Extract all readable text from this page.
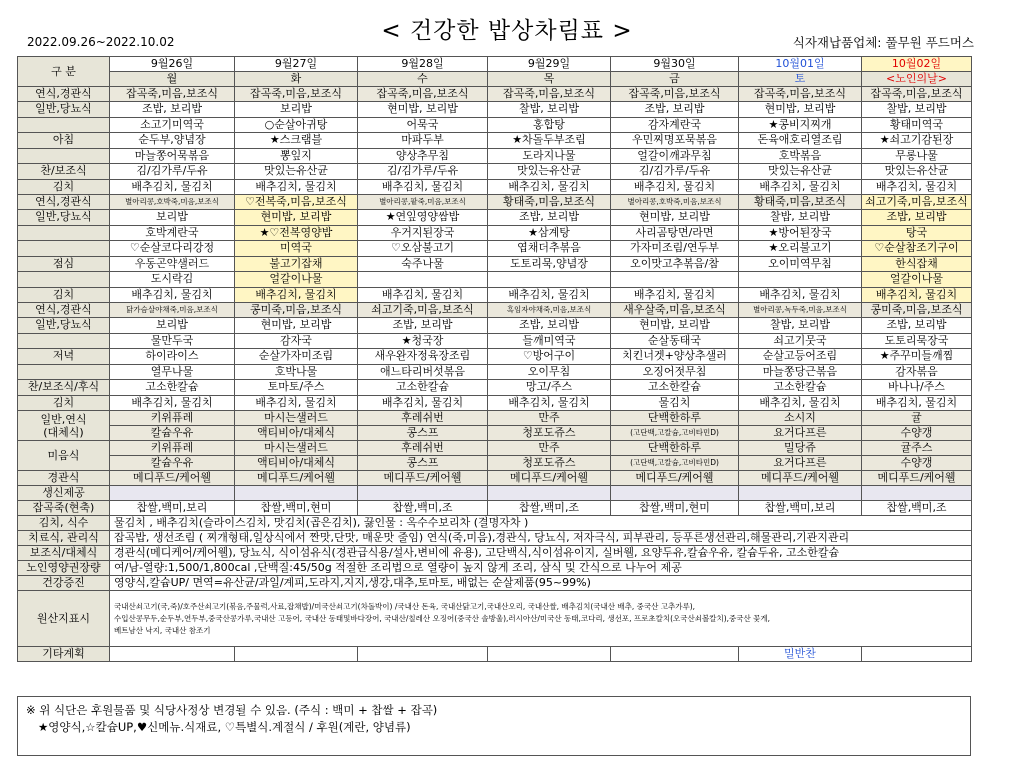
< 건강한 밥상차림표 >
2022.09.26~2022.10.02	식자재납품업체: 풀무원 푸드머스
구 분	9월26일	9월27일	9월28일	9월29일	9월30일	10월01일	10월02일
	월	화	수	목	금	토	<노인의날>
연식,경관식	잡곡죽,미음,보조식	잡곡죽,미음,보조식	잡곡죽,미음,보조식	잡곡죽,미음,보조식	잡곡죽,미음,보조식	잡곡죽,미음,보조식	잡곡죽,미음,보조식
일반,당뇨식	조밥, 보리밥	보리밥	현미밥, 보리밥	찰밥, 보리밥	조밥, 보리밥	현미밥, 보리밥	찰밥, 보리밥
	소고기미역국	○순살아귀탕	어묵국	홍합탕	감자계란국	★콩비지찌개	황태미역국
아침	순두부,양념장	★스크램블	마파두부	★차돌두부조림	우민찌명포묵볶음	돈육애호리열조림	★쇠고기감된장
	마늘쫑어묵볶음	뽕잎지	양상추무침	도라지나물	얼갈이깨과무침	호박볶음	무롱나물
찬/보조식	김/김가루/두유	맛있는유산균	김/김가루/두유	맛있는유산균	김/김가루/두유	맛있는유산균	맛있는유산균
김치	배추김치, 물김치	배추김치, 물김치	배추김치, 물김치	배추김치, 물김치	배추김치, 물김치	배추김치, 물김치	배추김치, 물김치
연식,경관식	별아리콩,호박죽,미음,보조식	♡전복죽,미음,보조식	별아리콩,팥죽,미음,보조식	황태죽,미음,보조식	별아리콩,호박죽,미음,보조식	황태죽,미음,보조식	쇠고기죽,미음,보조식
일반,당뇨식	보리밥	현미밥, 보리밥	★연잎영양쌈밥	조밥, 보리밥	현미밥, 보리밥	찰밥, 보리밥	조밥, 보리밥
	호박계란국	★♡전복영양밥	우거지된장국	★삼계탕	사리곰탕면/라면	★방어된장국	탕국
	♡순살코다리강정	미역국	♡오삼불고기	엽채더추볶음	가자미조림/연두부	★오리불고기	♡순살참조기구이
점심	우동곤약샐러드	불고기잡채	숙주나물	도토리묵,양념장	오이맛고추볶음/참	오이미역무침	한식잡채
	도시락김	얼갈이나물					얼갈이나물
김치	배추김치, 물김치	배추김치, 물김치	배추김치, 물김치	배추김치, 물김치	배추김치, 물김치	배추김치, 물김치	배추김치, 물김치
연식,경관식	닭가슴살야채죽,미음,보조식	콩미죽,미음,보조식	쇠고기죽,미음,보조식	흑임자야채죽,미음,보조식	새우살죽,미음,보조식	별아리콩,녹두죽,미음,보조식	콩미죽,미음,보조식
일반,당뇨식	보리밥	현미밥, 보리밥	조밥, 보리밥	조밥, 보리밥	현미밥, 보리밥	찰밥, 보리밥	조밥, 보리밥
	물만두국	감자국	★청국장	들깨미역국	순살동태국	쇠고기뭇국	도토리묵장국
저녁	하이라이스	순살가자미조림	새우완자정육장조림	♡방어구이	치킨너겟+양상추샐러	순살고등어조림	★주꾸미들깨찜
	열무나물	호박나물	애느타리버섯볶음	오이무침	오징어젓무침	마늘쫑당근볶음	감자볶음
찬/보조식/후식	고소한칼슘	토마토/주스	고소한칼슘	망고/주스	고소한칼슘	고소한칼슘	바나나/주스
김치	배추김치, 물김치	배추김치, 물김치	배추김치, 물김치	배추김치, 물김치	물김치	배추김치, 물김치	배추김치, 물김치

일반,연식
(대체식)	키위퓨레	마시는샐러드	후레쉬번	만주	단백한하루	소시지	귤
	칼슘우유	액티비아/대체식	콩스프	청포도쥬스	(고단백,고칼슘,고비타민D)	요거다프른	수양갱
미음식	키위퓨레	마시는샐러드	후레쉬번	만주	단백한하루	밀당쥬	귤주스
	칼슘우유	액티비아/대체식	콩스프	청포도쥬스	(고단백,고칼슘,고비타민D)	요거다프른	수양갱
경관식	메디푸드/케어웰	메디푸드/케어웰	메디푸드/케어웰	메디푸드/케어웰	메디푸드/케어웰	메디푸드/케어웰	메디푸드/케어웰
생신제공							
잡곡죽(현축)	찹쌀,백미,보리	찹쌀,백미,현미	찹쌀,백미,조	찹쌀,백미,조	찹쌀,백미,현미	찹쌀,백미,보리	찹쌀,백미,조
김치, 식수	물김치 , 배추김치(슬라이스김치, 맛김치(곱은김치), 끓인물 : 옥수수보리차 (결명자차 )						
치료식, 관리식	잡곡밥, 생선조림 ( 찌개형태,일상식에서 짠맛,단맛, 매운맛 줄임) 연식(죽,미음),경관식, 당뇨식, 저자극식, 피부관리, 등푸른생선관리,해물관리,기관지관리						
보조식/대체식	경관식(메디케어/케어웰), 당뇨식, 식이섬유식(경관급식용/설사,변비에 유용), 고단백식,식이섬유이지, 실버웰, 요양두유,칼슘우유, 칼슘두유, 고소한칼슘						
노인영양권장량	여/남-열량:1,500/1,800cal ,단백질:45/50g 적절한 조리법으로 열량이 높지 않게 조리, 삼식 및 간식으로 나누어 제공						
건강증진	영양식,칼슘UP/ 면역=유산균/과일/계피,도라지,지지,생강,대추,토마토, 배없는 순살제품(95~99%)						
원산지표시	국내산쇠고기(국,죽)/호주산쇠고기(볶음,주물럭,사료,잡채밥)/미국산쇠고기(차돌박이) /국내산 돈육, 국내산닭고기,국내산오리, 국내산쌀, 배추김치(국내산 배추, 중국산 고추가루),
수입산콩무두,순두부,연두부,중국산콩가루,국내산 고등어, 국내산 동태및바다장어, 국내산/칠레산 오징어(중국산 솔방울),러시아산/미국산 동태,코다리, 생선포, 프로초칼치(오국산쇠볼칼치),중국산 꽃게,
베트남산 낙지, 국내산 참조기						

기타계획						밀반찬	
※ 위 식단은 후원물품 및 식당사정상 변경될 수 있음. (주식 : 백미 + 찹쌀 + 잡곡)
★영양식,☆칼슘UP,♥신메뉴.식재료, ♡특별식.계절식 / 후원(계란, 양념류)
